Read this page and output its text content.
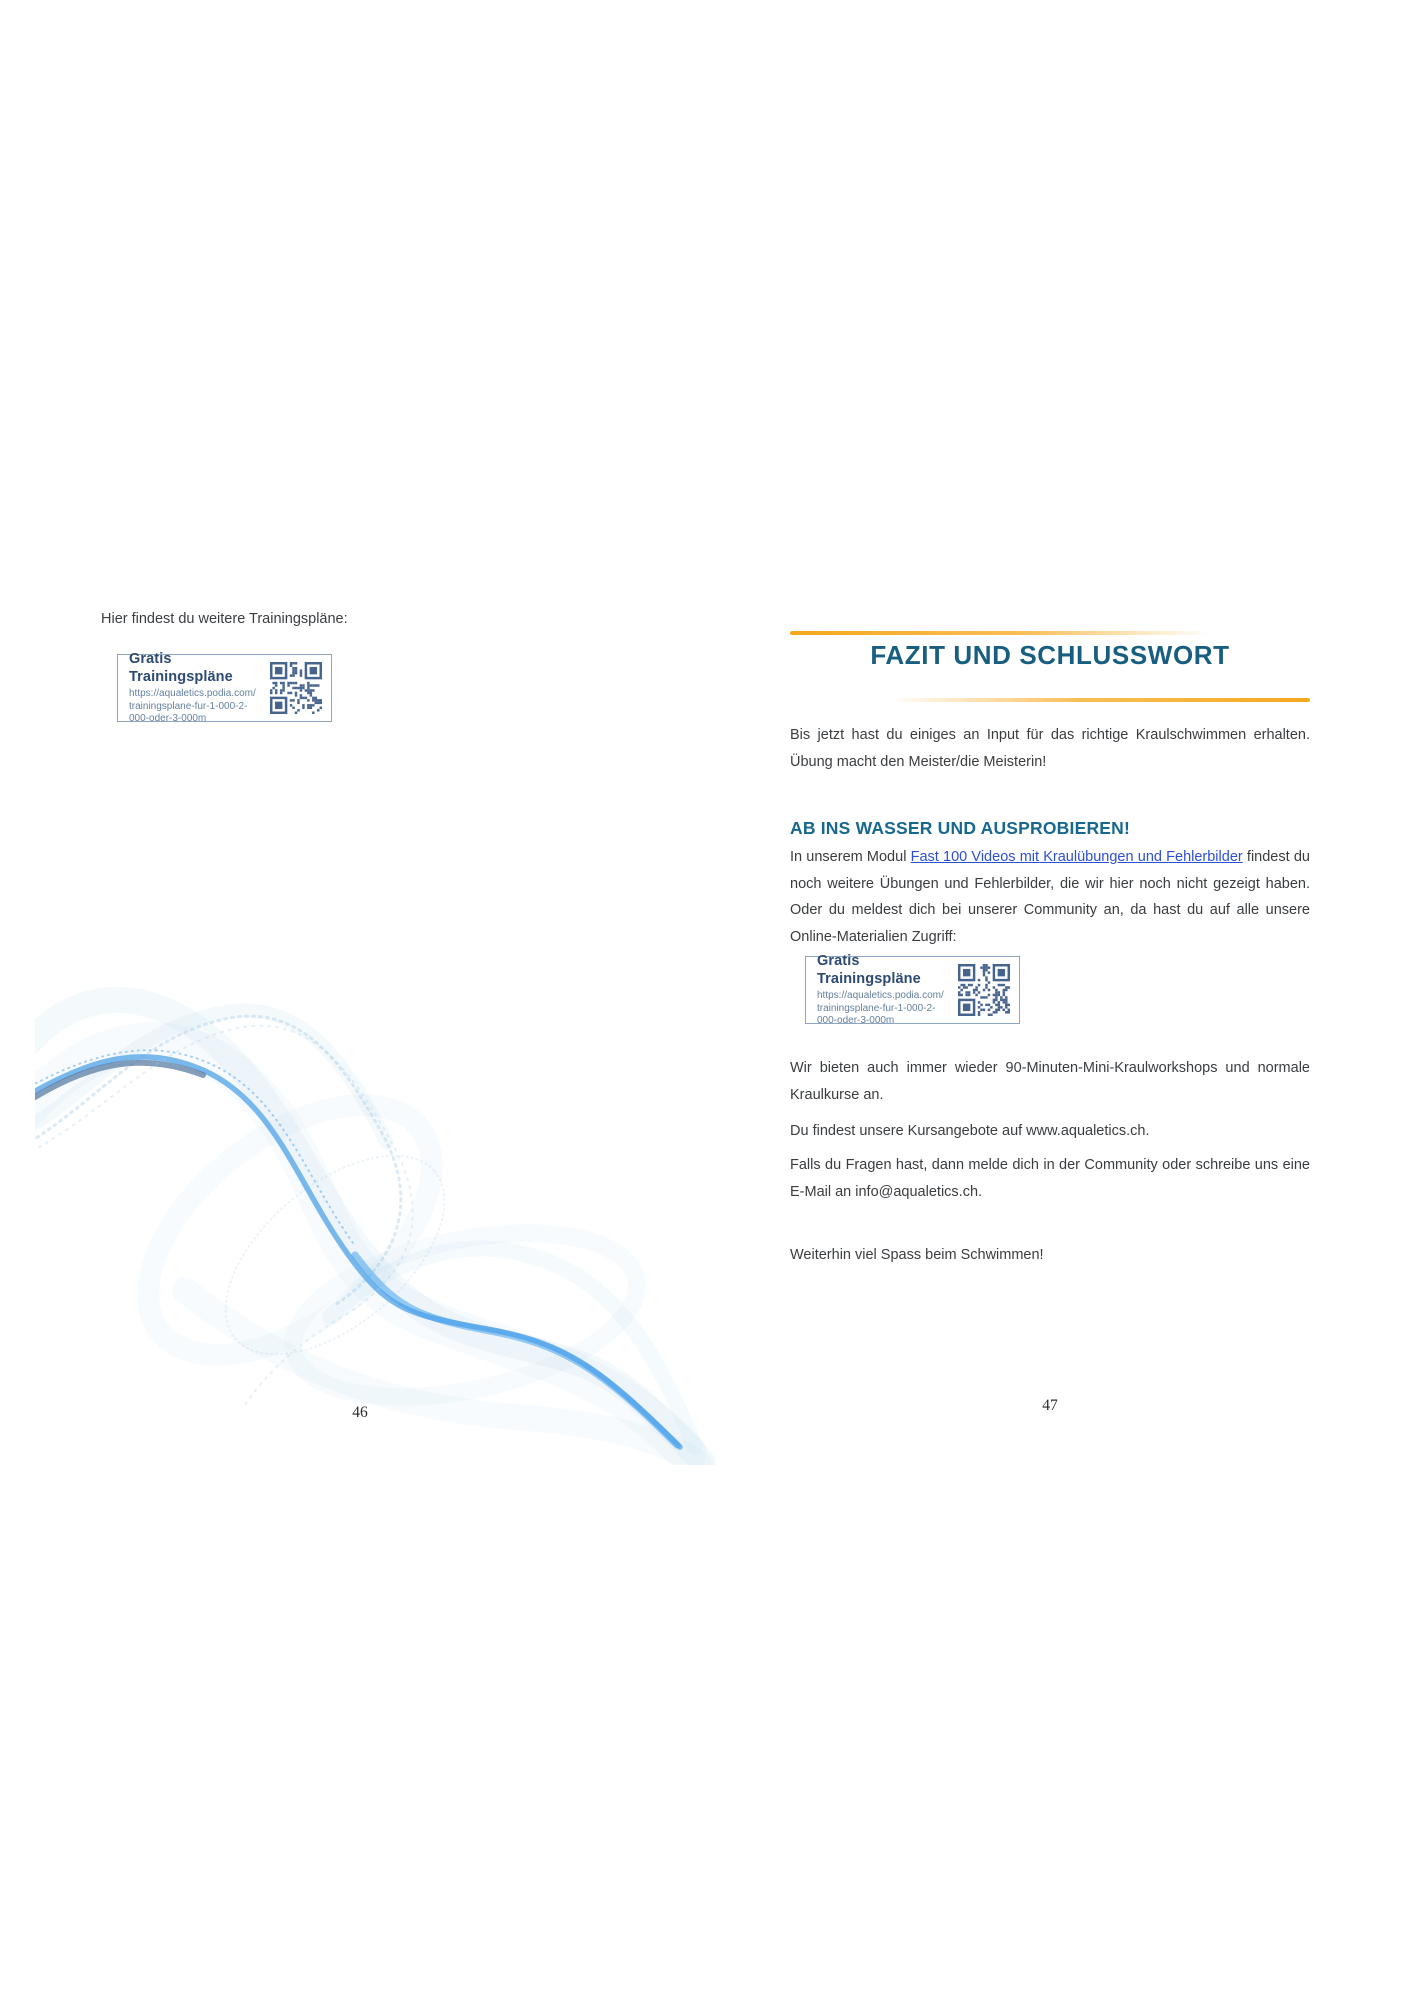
Hier findest du weitere Trainingspläne:
Gratis Trainingspläne
https://aqualetics.podia.com/
trainingsplane-fur-1-000-2-
000-oder-3-000m
46
FAZIT UND SCHLUSSWORT

Bis jetzt hast du einiges an Input für das richtige Kraulschwimmen erhalten. Übung macht den Meister/die Meisterin!

AB INS WASSER UND AUSPROBIEREN!

In unserem Modul Fast 100 Videos mit Kraulübungen und Fehlerbilder findest du noch weitere Übungen und Fehlerbilder, die wir hier noch nicht gezeigt haben. Oder du meldest dich bei unserer Community an, da hast du auf alle unsere Online-Materialien Zugriff:

Gratis Trainingspläne
https://aqualetics.podia.com/
trainingsplane-fur-1-000-2-
000-oder-3-000m

Wir bieten auch immer wieder 90-Minuten-Mini-Kraulworkshops und normale Kraulkurse an.

Du findest unsere Kursangebote auf www.aqualetics.ch.

Falls du Fragen hast, dann melde dich in der Community oder schreibe uns eine E-Mail an info@aqualetics.ch.

Weiterhin viel Spass beim Schwimmen!

47
